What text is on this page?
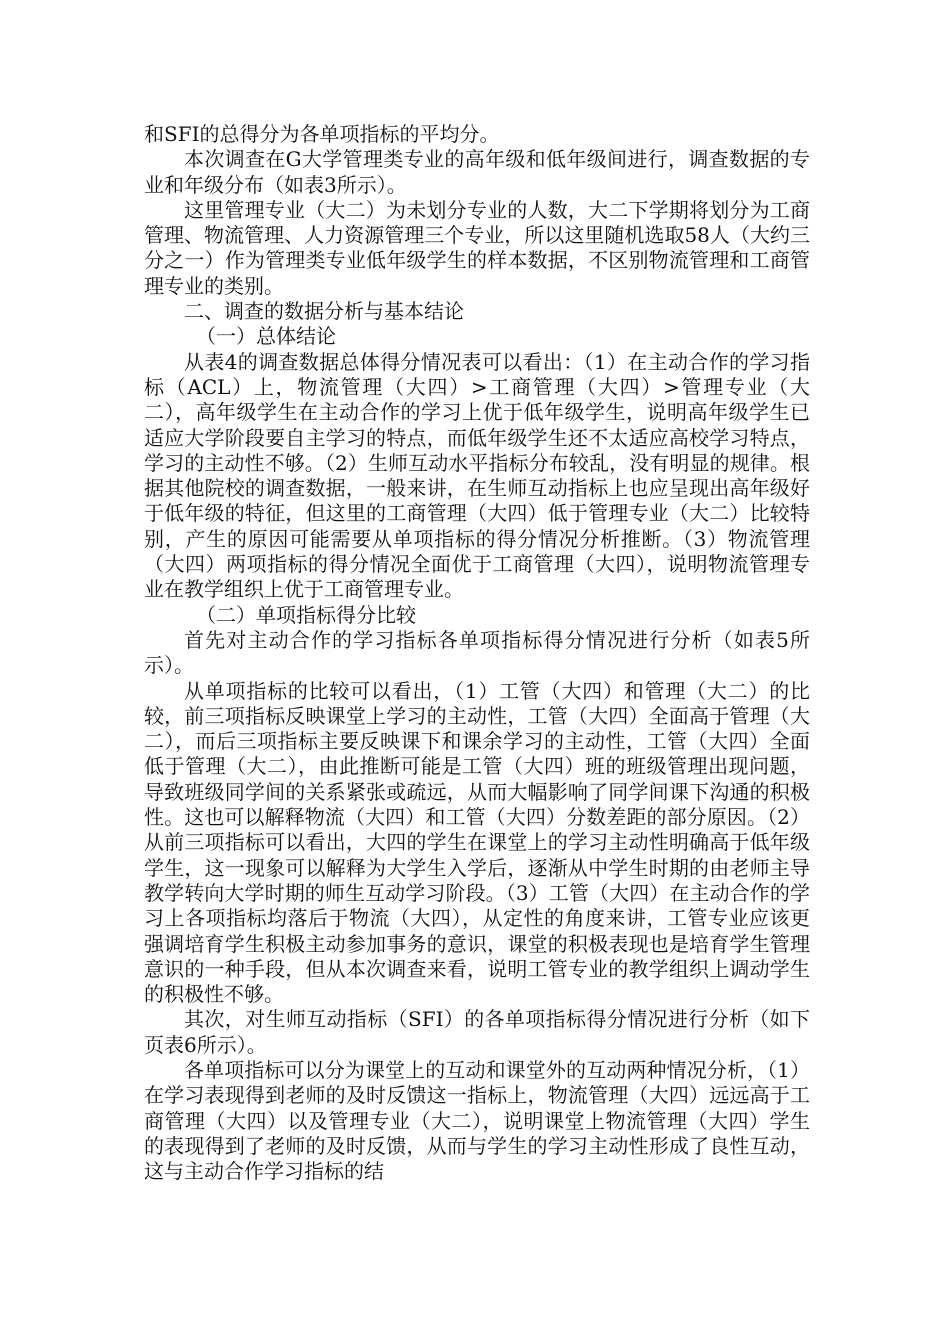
和SFI的总得分为各单项指标的平均分。

本次调查在G大学管理类专业的高年级和低年级间进行，调查数据的专业和年级分布（如表3所示）。

这里管理专业（大二）为未划分专业的人数，大二下学期将划分为工商管理、物流管理、人力资源管理三个专业，所以这里随机选取58人（大约三分之一）作为管理类专业低年级学生的样本数据，不区别物流管理和工商管理专业的类别。

二、调查的数据分析与基本结论

（一）总体结论

从表4的调查数据总体得分情况表可以看出：（1）在主动合作的学习指标（ACL）上，物流管理（大四）>工商管理（大四）>管理专业（大二），高年级学生在主动合作的学习上优于低年级学生，说明高年级学生已适应大学阶段要自主学习的特点，而低年级学生还不太适应高校学习特点，学习的主动性不够。（2）生师互动水平指标分布较乱，没有明显的规律。根据其他院校的调查数据，一般来讲，在生师互动指标上也应呈现出高年级好于低年级的特征，但这里的工商管理（大四）低于管理专业（大二）比较特别，产生的原因可能需要从单项指标的得分情况分析推断。（3）物流管理（大四）两项指标的得分情况全面优于工商管理（大四），说明物流管理专业在教学组织上优于工商管理专业。

（二）单项指标得分比较

首先对主动合作的学习指标各单项指标得分情况进行分析（如表5所示）。

从单项指标的比较可以看出，（1）工管（大四）和管理（大二）的比较，前三项指标反映课堂上学习的主动性，工管（大四）全面高于管理（大二），而后三项指标主要反映课下和课余学习的主动性，工管（大四）全面低于管理（大二），由此推断可能是工管（大四）班的班级管理出现问题，导致班级同学间的关系紧张或疏远，从而大幅影响了同学间课下沟通的积极性。这也可以解释物流（大四）和工管（大四）分数差距的部分原因。（2）从前三项指标可以看出，大四的学生在课堂上的学习主动性明确高于低年级学生，这一现象可以解释为大学生入学后，逐渐从中学生时期的由老师主导教学转向大学时期的师生互动学习阶段。（3）工管（大四）在主动合作的学习上各项指标均落后于物流（大四），从定性的角度来讲，工管专业应该更强调培育学生积极主动参加事务的意识，课堂的积极表现也是培育学生管理意识的一种手段，但从本次调查来看，说明工管专业的教学组织上调动学生的积极性不够。

其次，对生师互动指标（SFI）的各单项指标得分情况进行分析（如下页表6所示）。

各单项指标可以分为课堂上的互动和课堂外的互动两种情况分析，（1）在学习表现得到老师的及时反馈这一指标上，物流管理（大四）远远高于工商管理（大四）以及管理专业（大二），说明课堂上物流管理（大四）学生的表现得到了老师的及时反馈，从而与学生的学习主动性形成了良性互动，这与主动合作学习指标的结
